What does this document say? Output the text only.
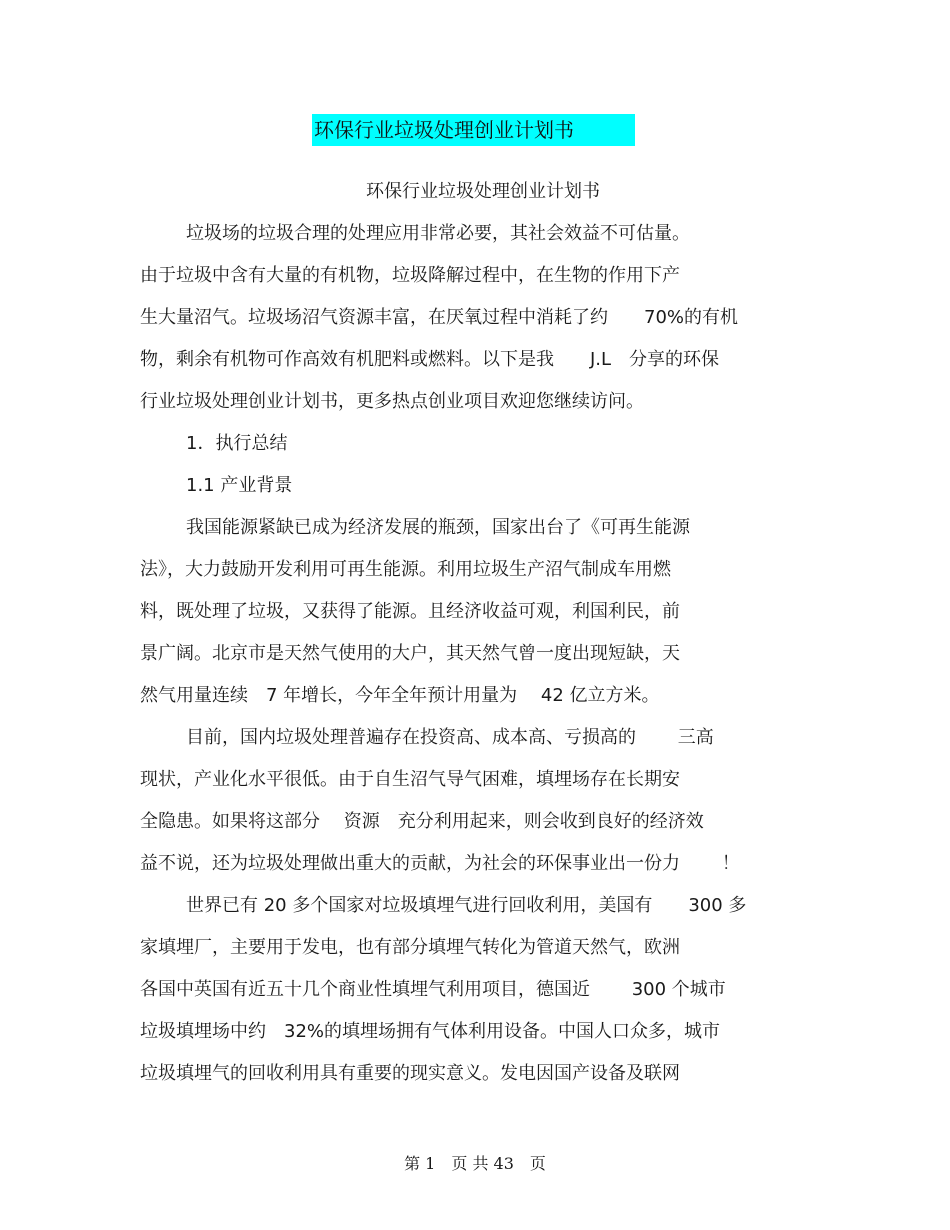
环保行业垃圾处理创业计划书
环保行业垃圾处理创业计划书
垃圾场的垃圾合理的处理应用非常必要，其社会效益不可估量。
由于垃圾中含有大量的有机物，垃圾降解过程中，在生物的作用下产
生大量沼气。垃圾场沼气资源丰富，在厌氧过程中消耗了约　　70%的有机
物，剩余有机物可作高效有机肥料或燃料。以下是我　　J.L　分享的环保
行业垃圾处理创业计划书，更多热点创业项目欢迎您继续访问。
1．执行总结
1.1 产业背景
我国能源紧缺已成为经济发展的瓶颈，国家出台了《可再生能源
法》，大力鼓励开发利用可再生能源。利用垃圾生产沼气制成车用燃
料，既处理了垃圾，又获得了能源。且经济收益可观，利国利民，前
景广阔。北京市是天然气使用的大户，其天然气曾一度出现短缺，天
然气用量连续　7 年增长，今年全年预计用量为　 42 亿立方米。
目前，国内垃圾处理普遍存在投资高、成本高、亏损高的　　 三高
现状，产业化水平很低。由于自生沼气导气困难，填埋场存在长期安
全隐患。如果将这部分　 资源　充分利用起来，则会收到良好的经济效
益不说，还为垃圾处理做出重大的贡献，为社会的环保事业出一份力　　 ！
世界已有 20 多个国家对垃圾填埋气进行回收利用，美国有　　300 多
家填埋厂，主要用于发电，也有部分填埋气转化为管道天然气，欧洲
各国中英国有近五十几个商业性填埋气利用项目，德国近　　 300 个城市
垃圾填埋场中约　32%的填埋场拥有气体利用设备。中国人口众多，城市
垃圾填埋气的回收利用具有重要的现实意义。发电因国产设备及联网
第 1　页 共 43　页
